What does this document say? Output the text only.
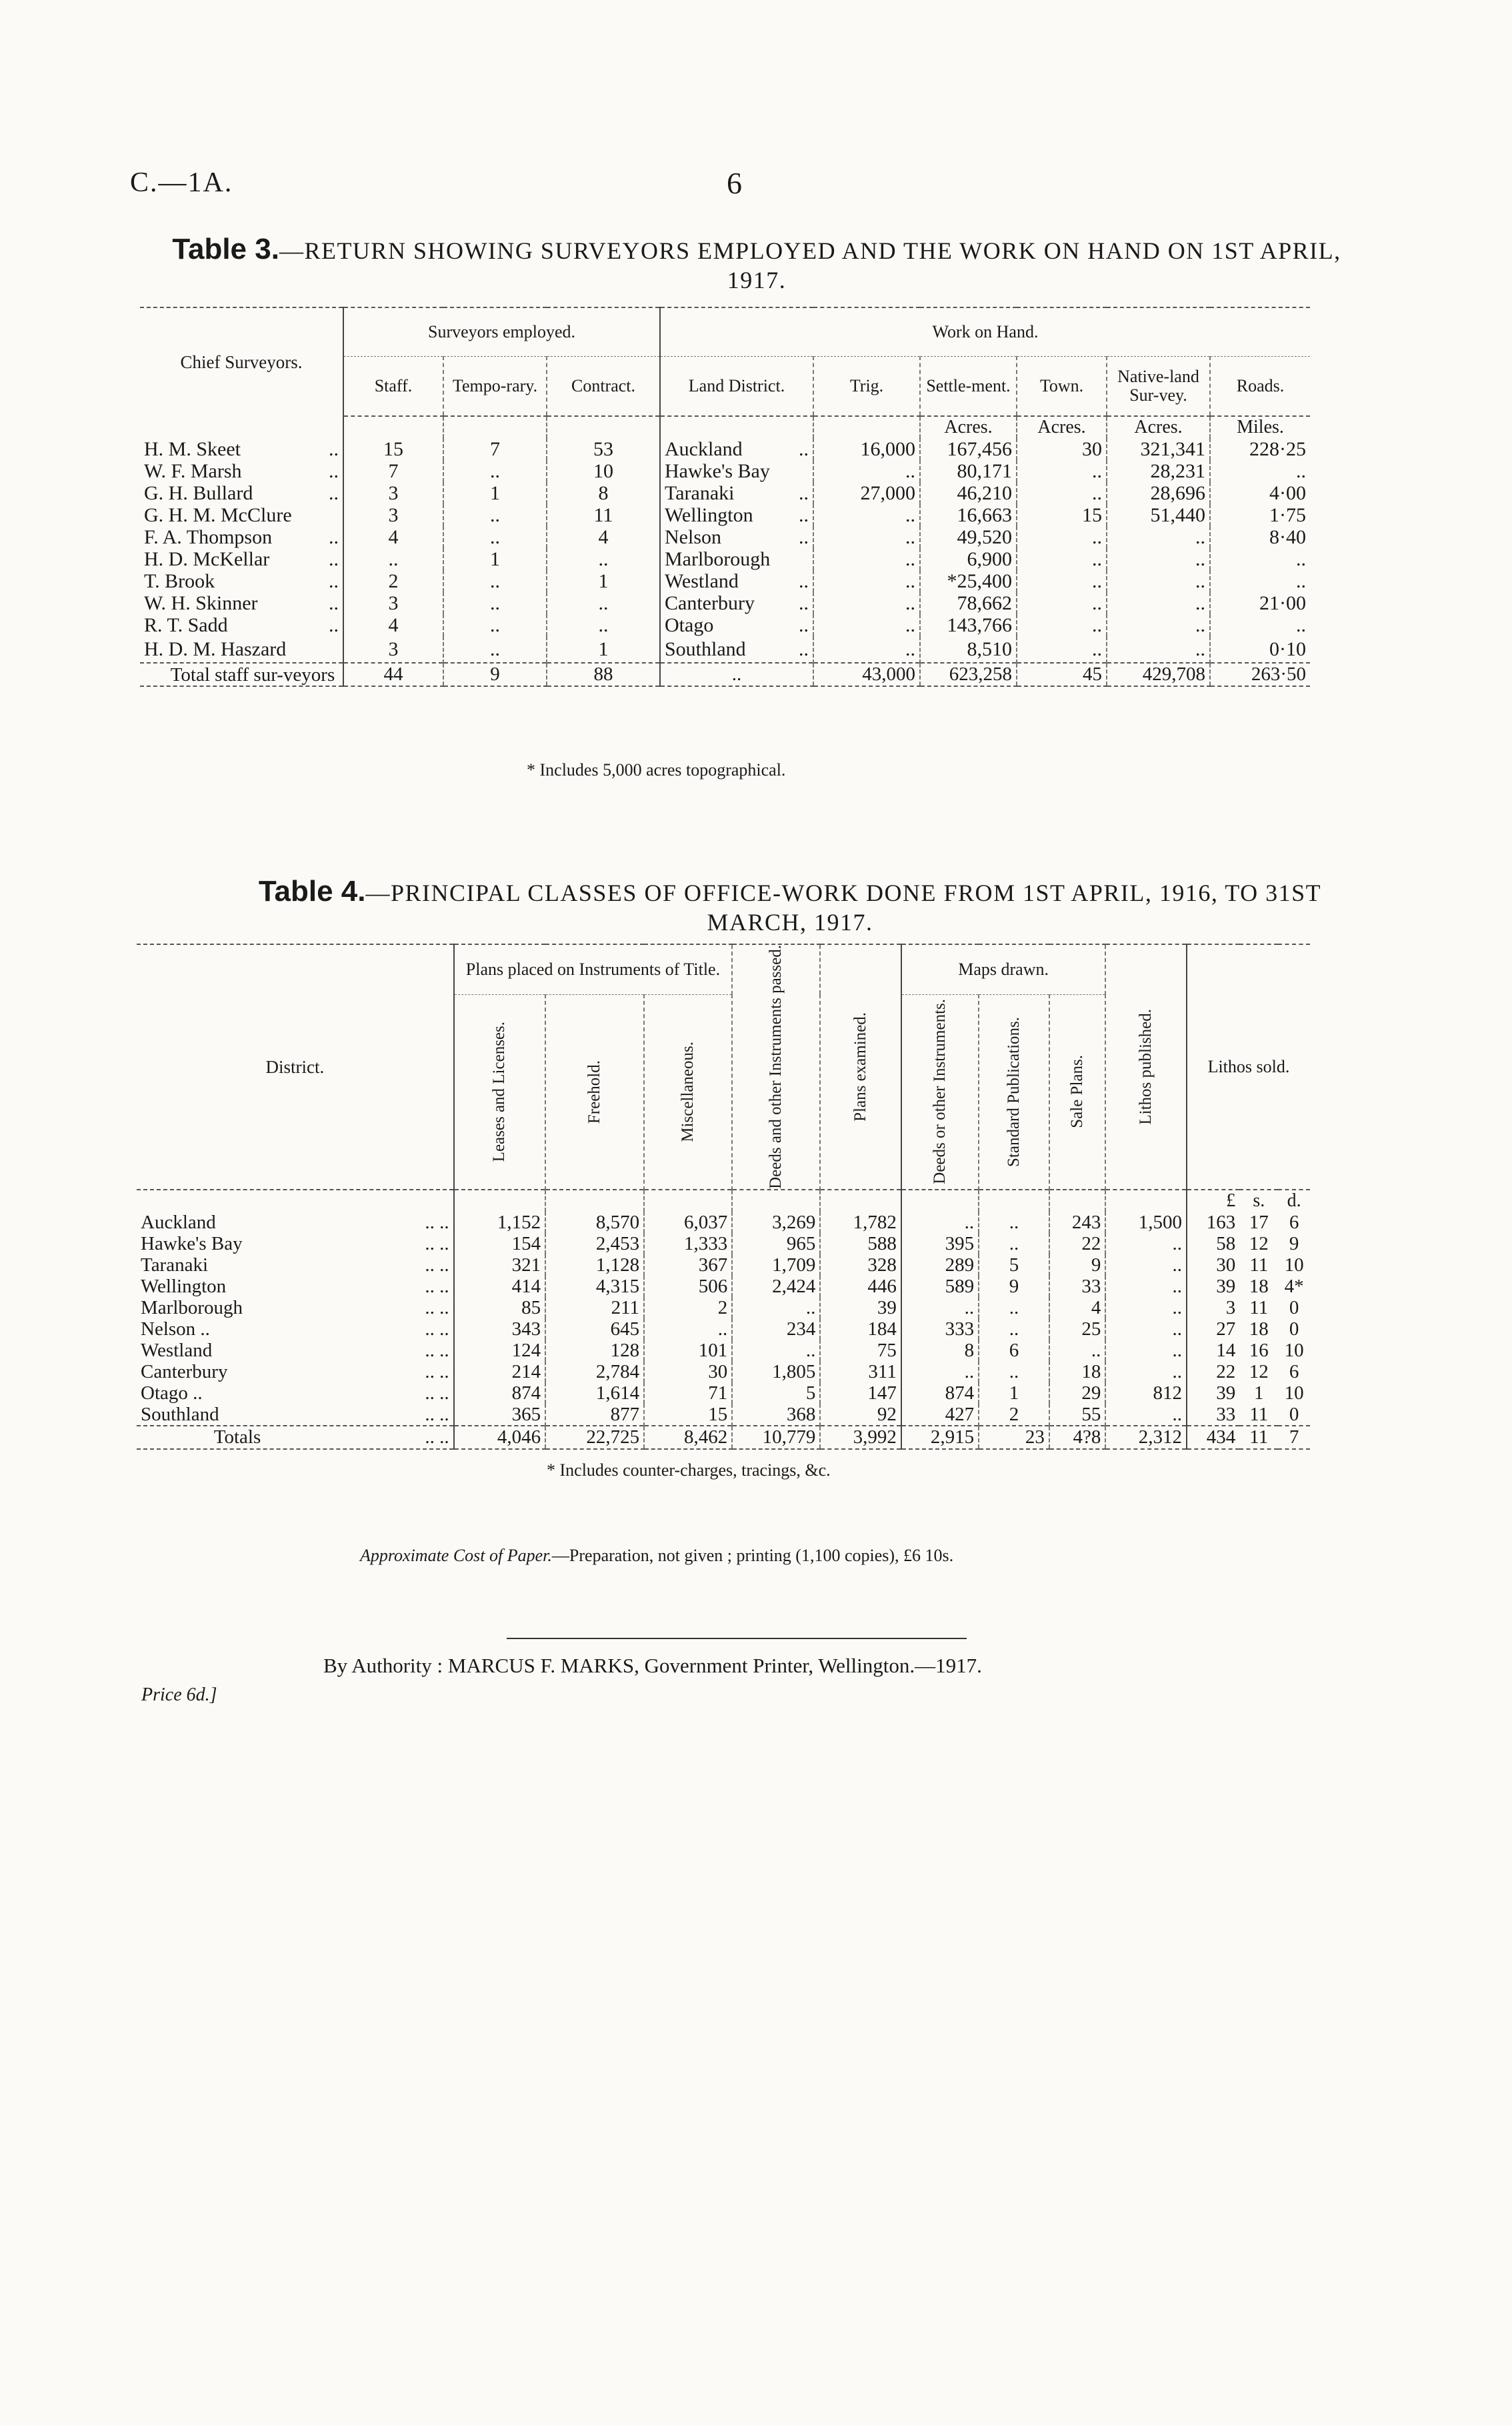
C.—1A.	6
Table 3.—RETURN SHOWING SURVEYORS EMPLOYED AND THE WORK ON HAND ON 1ST APRIL,
1917.
Chief Surveyors.	Surveyors employed.			Work on Hand.					
	Staff.	Tempo-rary.	Contract.	Land District.	Trig.	Settle-ment.	Town.	Native-land Sur-vey.	Roads.
						Acres.	Acres.	Acres.	Miles.
H. M. Skeet ..	15	7	53	Auckland ..	16,000	167,456	30	321,341	228·25
W. F. Marsh ..	7	..	10	Hawke's Bay	..	80,171	..	28,231	..
G. H. Bullard ..	3	1	8	Taranaki ..	27,000	46,210	..	28,696	4·00
G. H. M. McClure	3	..	11	Wellington ..	..	16,663	15	51,440	1·75
F. A. Thompson ..	4	..	4	Nelson ..	..	49,520	..	..	8·40
H. D. McKellar ..	..	1	..	Marlborough	..	6,900	..	..	..
T. Brook ..	2	..	1	Westland ..	..	*25,400	..	..	..
W. H. Skinner ..	3	..	..	Canterbury ..	..	78,662	..	..	21·00
R. T. Sadd ..	4	..	..	Otago ..	..	143,766	..	..	..
H. D. M. Haszard	3	..	1	Southland ..	..	8,510	..	..	0·10
Total staff sur-veyors	44	9	88	..	43,000	623,258	45	429,708	263·50
* Includes 5,000 acres topographical.
Table 4.—PRINCIPAL CLASSES OF OFFICE-WORK DONE FROM 1ST APRIL, 1916, TO 31ST
MARCH, 1917.
District.	Plans placed on Instruments of Title.			Deeds and other Instruments passed.	Plans examined.	Maps drawn.			Lithos published.	Lithos sold.		

	Leases and Licenses.	Freehold.	Miscellaneous.			Deeds or other Instruments.	Standard Publications.	Sale Plans.				

										£	s.	d.
Auckland .. ..	1,152	8,570	6,037	3,269	1,782	..	..	243	1,500	163	17	6
Hawke's Bay .. ..	154	2,453	1,333	965	588	395	..	22	..	58	12	9
Taranaki .. ..	321	1,128	367	1,709	328	289	5	9	..	30	11	10
Wellington .. ..	414	4,315	506	2,424	446	589	9	33	..	39	18	4*
Marlborough .. ..	85	211	2	..	39	..	..	4	..	3	11	0
Nelson .. .. ..	343	645	..	234	184	333	..	25	..	27	18	0
Westland .. ..	124	128	101	..	75	8	6	..	..	14	16	10
Canterbury .. ..	214	2,784	30	1,805	311	..	..	18	..	22	12	6
Otago .. .. ..	874	1,614	71	5	147	874	1	29	812	39	1	10
Southland .. ..	365	877	15	368	92	427	2	55	..	33	11	0
Totals .. ..	4,046	22,725	8,462	10,779	3,992	2,915	23	4?8	2,312	434	11	7
* Includes counter-charges, tracings, &c.
Approximate Cost of Paper.—Preparation, not given ; printing (1,100 copies), £6 10s.
By Authority : MARCUS F. MARKS, Government Printer, Wellington.—1917.
Price 6d.]
